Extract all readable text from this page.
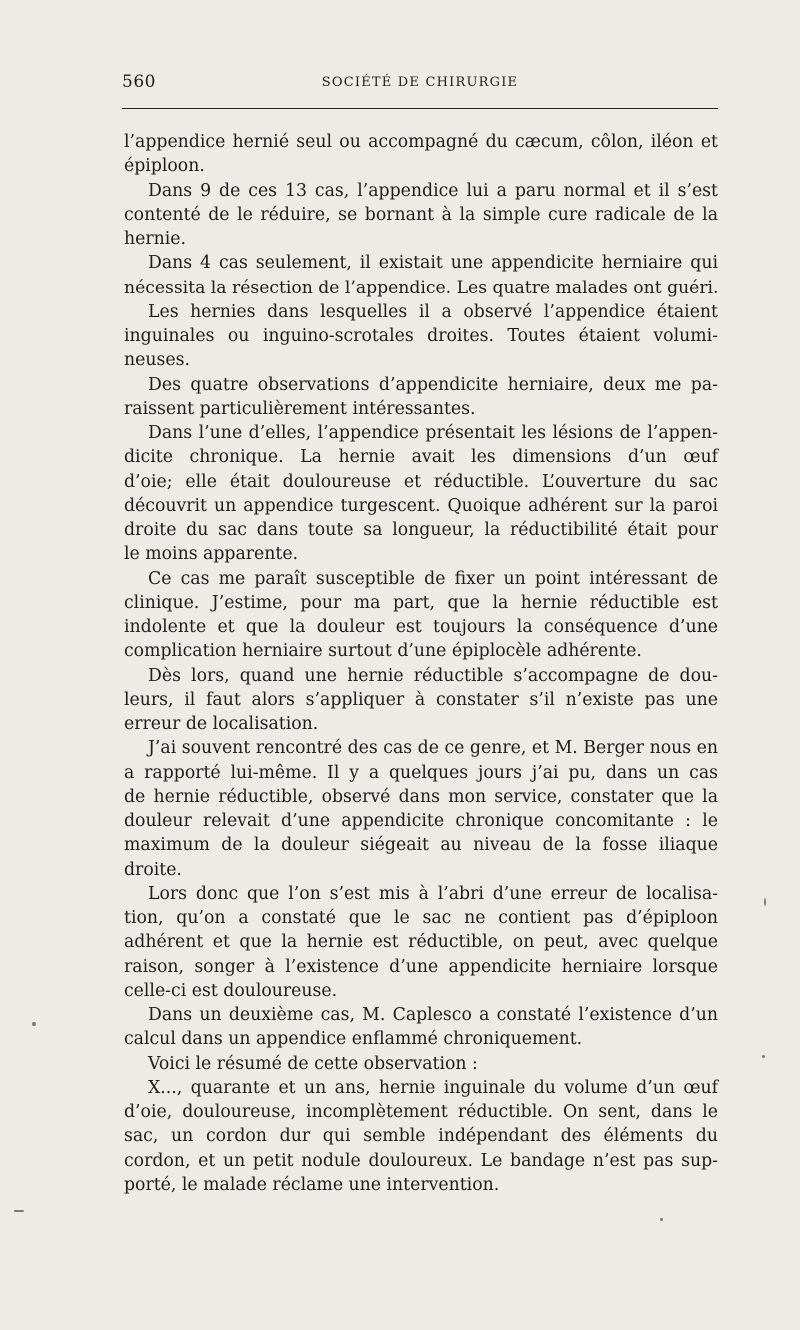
560	SOCIÉTÉ DE CHIRURGIE
l’appendice hernié seul ou accompagné du cæcum, côlon, iléon et
épiploon.
Dans 9 de ces 13 cas, l’appendice lui a paru normal et il s’est
contenté de le réduire, se bornant à la simple cure radicale de la
hernie.
Dans 4 cas seulement, il existait une appendicite herniaire qui
nécessita la résection de l’appendice. Les quatre malades ont guéri.
Les hernies dans lesquelles il a observé l’appendice étaient
inguinales ou inguino-scrotales droites. Toutes étaient volumi-
neuses.
Des quatre observations d’appendicite herniaire, deux me pa-
raissent particulièrement intéressantes.
Dans l’une d’elles, l’appendice présentait les lésions de l’appen-
dicite chronique. La hernie avait les dimensions d’un œuf
d’oie; elle était douloureuse et réductible. L’ouverture du sac
découvrit un appendice turgescent. Quoique adhérent sur la paroi
droite du sac dans toute sa longueur, la réductibilité était pour
le moins apparente.
Ce cas me paraît susceptible de fixer un point intéressant de
clinique. J’estime, pour ma part, que la hernie réductible est
indolente et que la douleur est toujours la conséquence d’une
complication herniaire surtout d’une épiplocèle adhérente.
Dès lors, quand une hernie réductible s’accompagne de dou-
leurs, il faut alors s’appliquer à constater s’il n’existe pas une
erreur de localisation.
J’ai souvent rencontré des cas de ce genre, et M. Berger nous en
a rapporté lui-même. Il y a quelques jours j’ai pu, dans un cas
de hernie réductible, observé dans mon service, constater que la
douleur relevait d’une appendicite chronique concomitante : le
maximum de la douleur siégeait au niveau de la fosse iliaque
droite.
Lors donc que l’on s’est mis à l’abri d’une erreur de localisa-
tion, qu’on a constaté que le sac ne contient pas d’épiploon
adhérent et que la hernie est réductible, on peut, avec quelque
raison, songer à l’existence d’une appendicite herniaire lorsque
celle-ci est douloureuse.
Dans un deuxième cas, M. Caplesco a constaté l’existence d’un
calcul dans un appendice enflammé chroniquement.
Voici le résumé de cette observation :
X..., quarante et un ans, hernie inguinale du volume d’un œuf
d’oie, douloureuse, incomplètement réductible. On sent, dans le
sac, un cordon dur qui semble indépendant des éléments du
cordon, et un petit nodule douloureux. Le bandage n’est pas sup-
porté, le malade réclame une intervention.
